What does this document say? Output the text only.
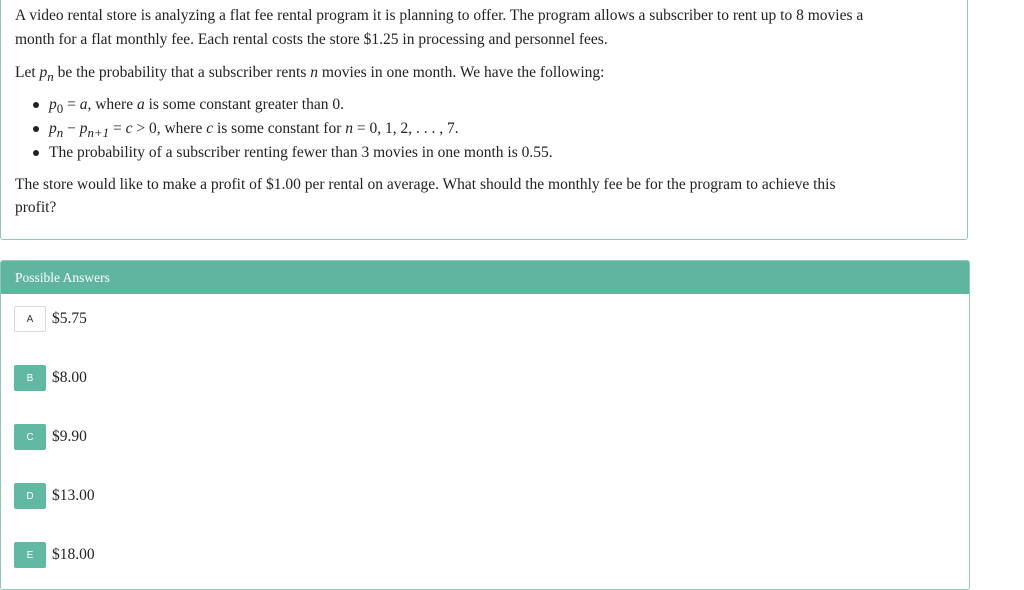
A video rental store is analyzing a flat fee rental program it is planning to offer. The program allows a subscriber to rent up to 8 movies a

month for a flat monthly fee. Each rental costs the store $1.25 in processing and personnel fees.

Let $p_n$ be the probability that a subscriber rents n movies in one month. We have the following:

$p_0 = a$, where a is some constant greater than 0.
$p_n - p_{n+1} = c > 0$, where c is some constant for n = 0, 1, 2, . . . , 7.
The probability of a subscriber renting fewer than 3 movies in one month is 0.55.

The store would like to make a profit of $1.00 per rental on average. What should the monthly fee be for the program to achieve this

profit?

Possible Answers
A	$5.75
B	$8.00
C	$9.90
D	$13.00
E	$18.00
